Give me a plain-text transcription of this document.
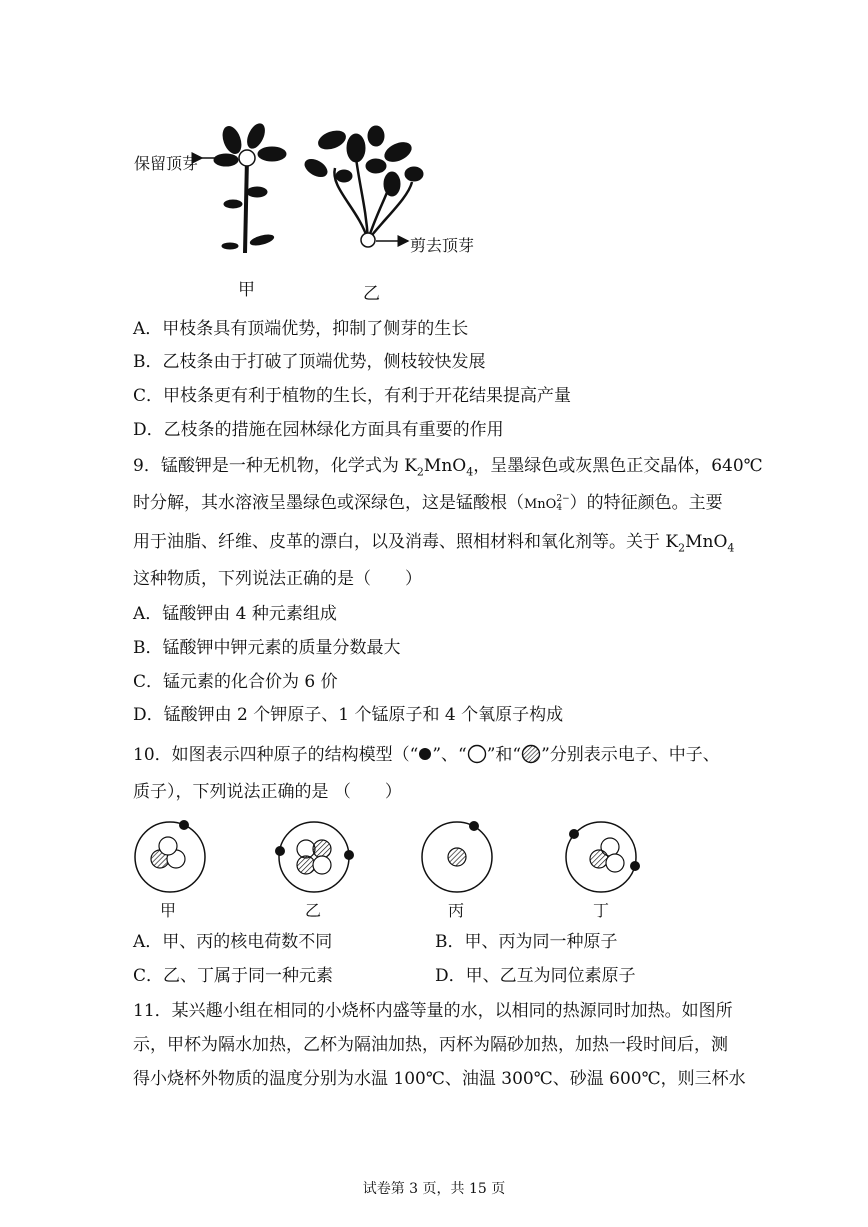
保留顶芽
剪去顶芽
甲	乙
A．甲枝条具有顶端优势，抑制了侧芽的生长
B．乙枝条由于打破了顶端优势，侧枝较快发展
C．甲枝条更有利于植物的生长，有利于开花结果提高产量
D．乙枝条的措施在园林绿化方面具有重要的作用
9．锰酸钾是一种无机物，化学式为 $K_2MnO_4$，呈墨绿色或灰黑色正交晶体，640℃
时分解，其水溶液呈墨绿色或深绿色，这是锰酸根（MnO 2−
4 ）的特征颜色。主要
用于油脂、纤维、皮革的漂白，以及消毒、照相材料和氧化剂等。关于 $K_2MnO_4$
这种物质，下列说法正确的是（　　）
A．锰酸钾由 4 种元素组成
B．锰酸钾中钾元素的质量分数最大
C．锰元素的化合价为 6 价
D．锰酸钾由 2 个钾原子、1 个锰原子和 4 个氧原子构成
10．如图表示四种原子的结构模型（“ ”、“ ”和“ ”分别表示电子、中子、
质子），下列说法正确的是 （　　）
甲	乙	丙	丁
A．甲、丙的核电荷数不同	B．甲、丙为同一种原子
C．乙、丁属于同一种元素	D．甲、乙互为同位素原子
11．某兴趣小组在相同的小烧杯内盛等量的水，以相同的热源同时加热。如图所
示，甲杯为隔水加热，乙杯为隔油加热，丙杯为隔砂加热，加热一段时间后，测
得小烧杯外物质的温度分别为水温 100℃、油温 300℃、砂温 600℃，则三杯水
试卷第 3 页，共 15 页
